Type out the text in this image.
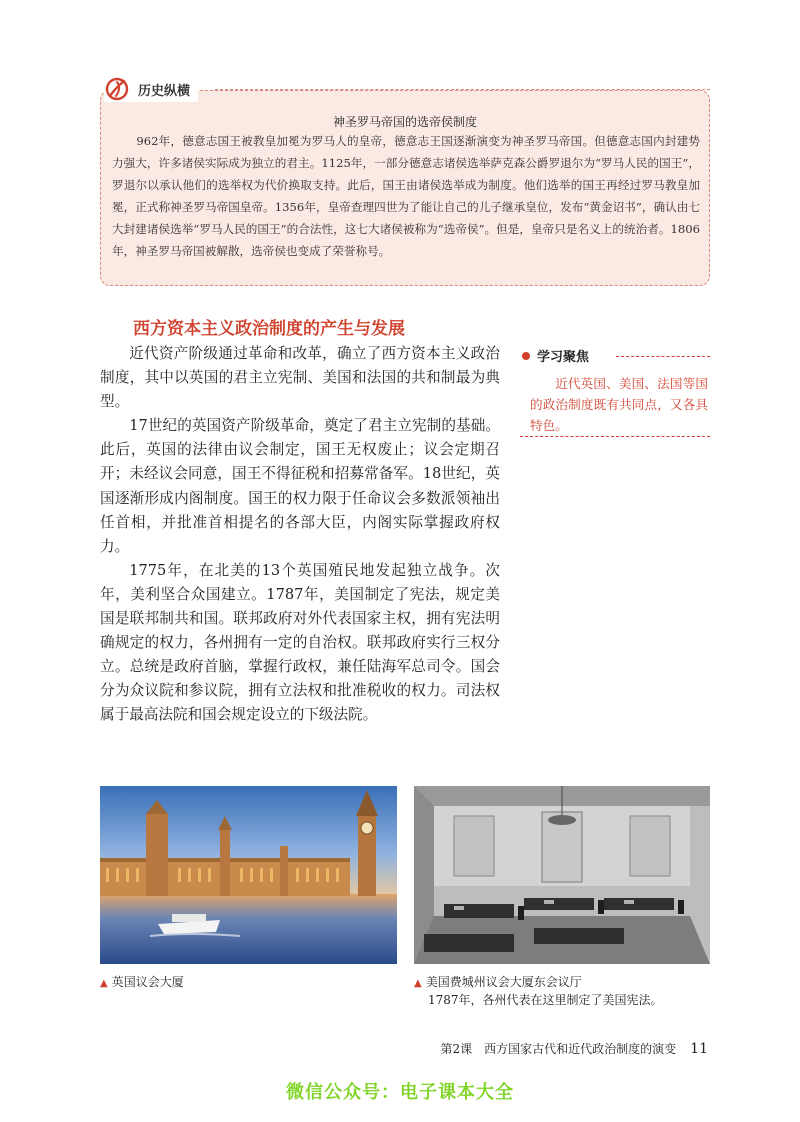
历史纵横
神圣罗马帝国的选帝侯制度

962年，德意志国王被教皇加冕为罗马人的皇帝，德意志王国逐渐演变为神圣罗马帝国。但德意志国内封建势力强大，许多诸侯实际成为独立的君主。1125年，一部分德意志诸侯选举萨克森公爵罗退尔为“罗马人民的国王”，罗退尔以承认他们的选举权为代价换取支持。此后，国王由诸侯选举成为制度。他们选举的国王再经过罗马教皇加冕，正式称神圣罗马帝国皇帝。1356年，皇帝查理四世为了能让自己的儿子继承皇位，发布“黄金诏书”，确认由七大封建诸侯选举“罗马人民的国王”的合法性，这七大诸侯被称为“选帝侯”。但是，皇帝只是名义上的统治者。1806年，神圣罗马帝国被解散，选帝侯也变成了荣誉称号。

西方资本主义政治制度的产生与发展

近代资产阶级通过革命和改革，确立了西方资本主义政治制度，其中以英国的君主立宪制、美国和法国的共和制最为典型。

17世纪的英国资产阶级革命，奠定了君主立宪制的基础。此后，英国的法律由议会制定，国王无权废止；议会定期召开；未经议会同意，国王不得征税和招募常备军。18世纪，英国逐渐形成内阁制度。国王的权力限于任命议会多数派领袖出任首相，并批准首相提名的各部大臣，内阁实际掌握政府权力。

1775年，在北美的13个英国殖民地发起独立战争。次年，美利坚合众国建立。1787年，美国制定了宪法，规定美国是联邦制共和国。联邦政府对外代表国家主权，拥有宪法明确规定的权力，各州拥有一定的自治权。联邦政府实行三权分立。总统是政府首脑，掌握行政权，兼任陆海军总司令。国会分为众议院和参议院，拥有立法权和批准税收的权力。司法权属于最高法院和国会规定设立的下级法院。

学习聚焦

近代英国、美国、法国等国的政治制度既有共同点，又各具特色。

▲ 英国议会大厦	▲ 美国费城州议会大厦东会议厅
1787年，各州代表在这里制定了美国宪法。
第2课　西方国家古代和近代政治制度的演变 11
微信公众号：电子课本大全
